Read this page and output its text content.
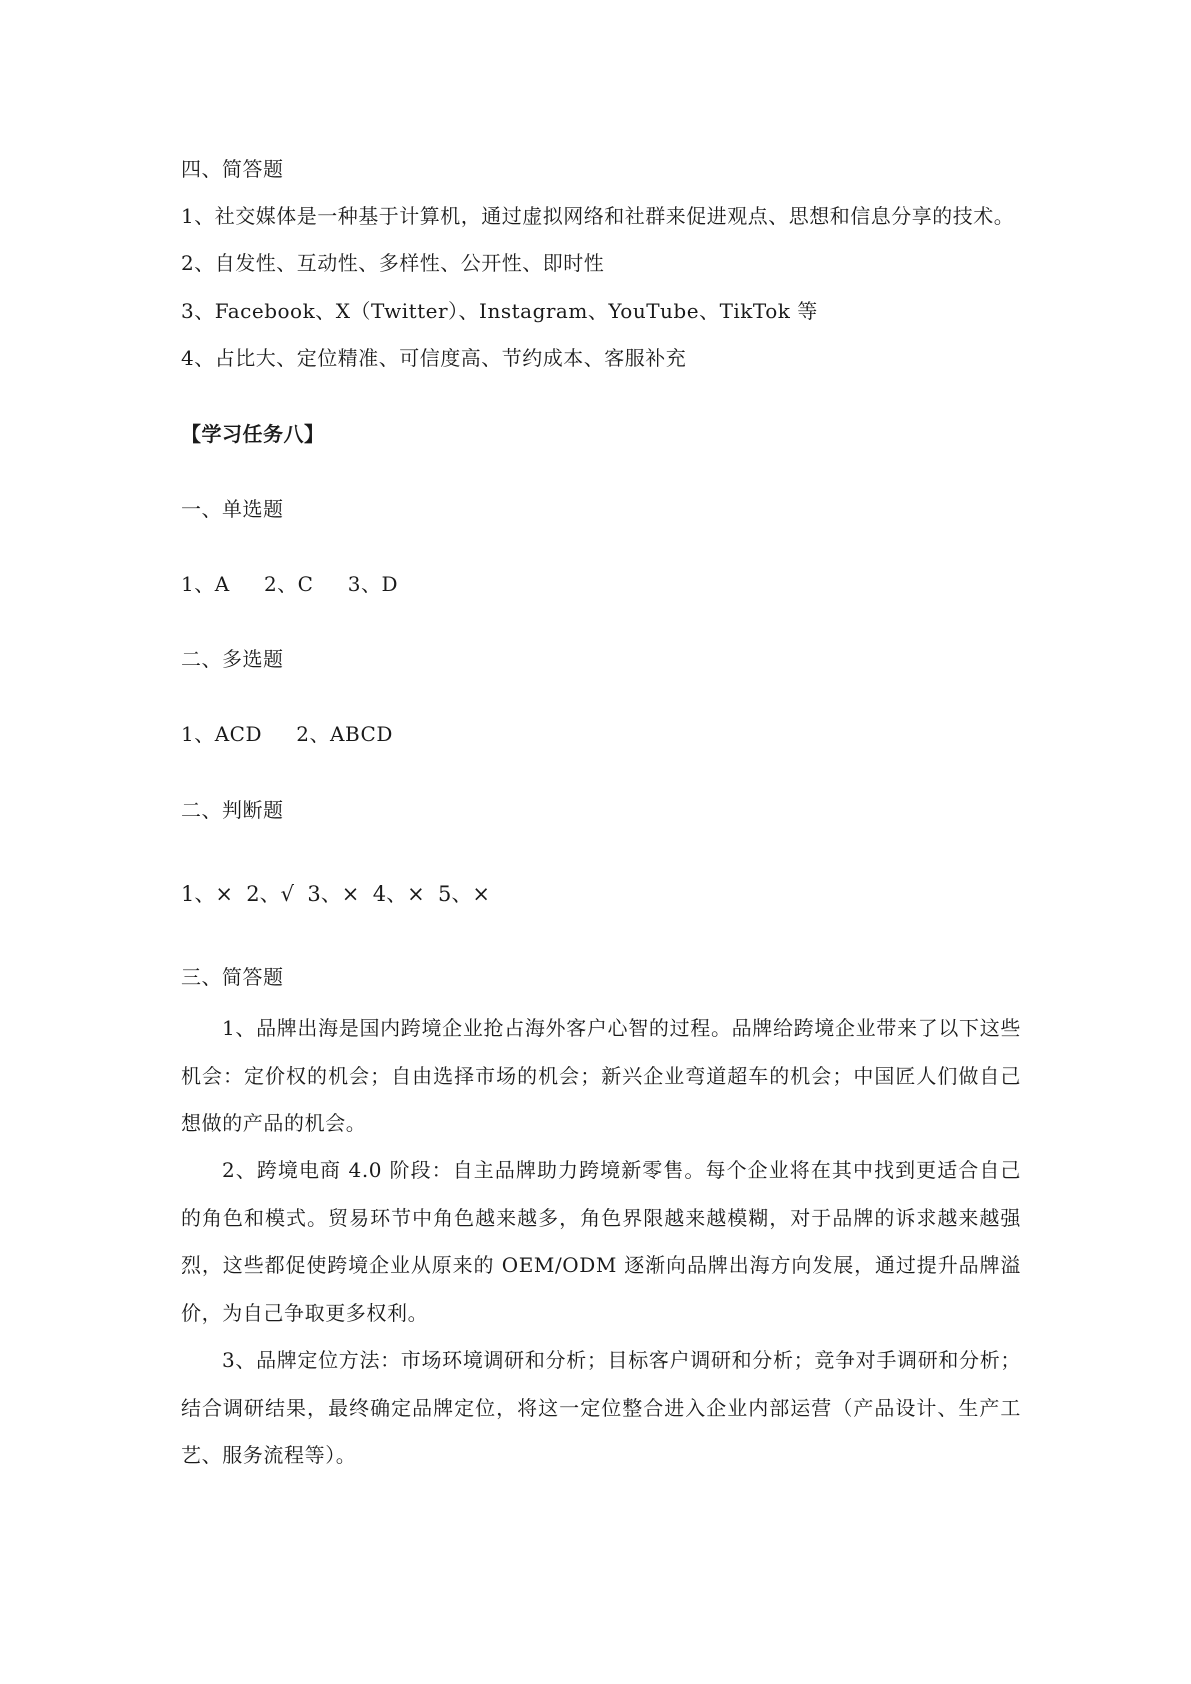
四、简答题
1、社交媒体是一种基于计算机，通过虚拟网络和社群来促进观点、思想和信息分享的技术。
2、自发性、互动性、多样性、公开性、即时性
3、Facebook、X（Twitter）、Instagram、YouTube、TikTok 等
4、占比大、定位精准、可信度高、节约成本、客服补充
【学习任务八】
一、单选题
1、A     2、C     3、D
二、多选题
1、ACD     2、ABCD
二、判断题
1、×  2、√  3、×  4、×  5、×
三、简答题
1、品牌出海是国内跨境企业抢占海外客户心智的过程。品牌给跨境企业带来了以下这些机会：定价权的机会；自由选择市场的机会；新兴企业弯道超车的机会；中国匠人们做自己想做的产品的机会。
2、跨境电商 4.0 阶段：自主品牌助力跨境新零售。每个企业将在其中找到更适合自己的角色和模式。贸易环节中角色越来越多，角色界限越来越模糊，对于品牌的诉求越来越强烈，这些都促使跨境企业从原来的 OEM/ODM 逐渐向品牌出海方向发展，通过提升品牌溢价，为自己争取更多权利。
3、品牌定位方法：市场环境调研和分析；目标客户调研和分析；竞争对手调研和分析；结合调研结果，最终确定品牌定位，将这一定位整合进入企业内部运营（产品设计、生产工艺、服务流程等）。
